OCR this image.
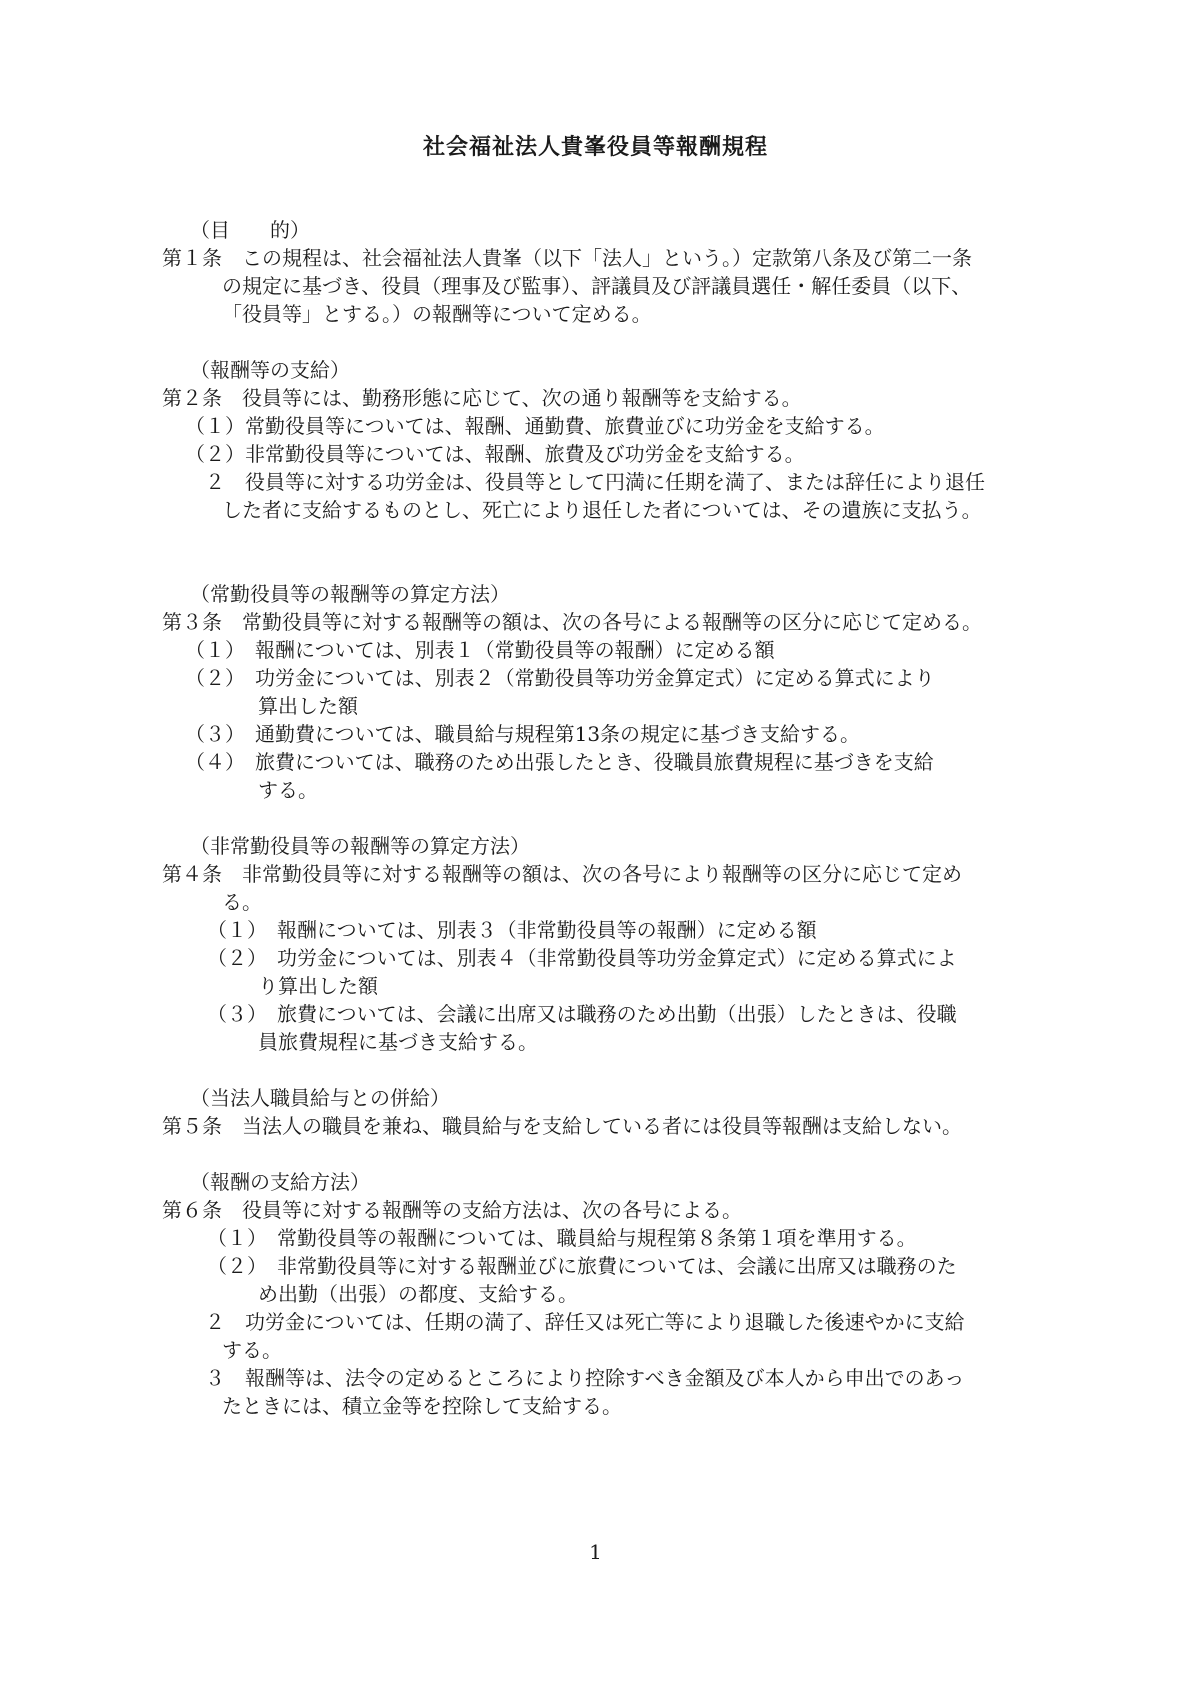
社会福祉法人貴峯役員等報酬規程
（目　　的）
第１条　この規程は、社会福祉法人貴峯（以下「法人」という。）定款第八条及び第二一条
の規定に基づき、役員（理事及び監事）、評議員及び評議員選任・解任委員（以下、
「役員等」とする。）の報酬等について定める。
（報酬等の支給）
第２条　役員等には、勤務形態に応じて、次の通り報酬等を支給する。
（１）常勤役員等については、報酬、通勤費、旅費並びに功労金を支給する。
（２）非常勤役員等については、報酬、旅費及び功労金を支給する。
２　役員等に対する功労金は、役員等として円満に任期を満了、または辞任により退任
した者に支給するものとし、死亡により退任した者については、その遺族に支払う。
（常勤役員等の報酬等の算定方法）
第３条　常勤役員等に対する報酬等の額は、次の各号による報酬等の区分に応じて定める。
（１）　報酬については、別表１（常勤役員等の報酬）に定める額
（２）　功労金については、別表２（常勤役員等功労金算定式）に定める算式により
算出した額
（３）　通勤費については、職員給与規程第13条の規定に基づき支給する。
（４）　旅費については、職務のため出張したとき、役職員旅費規程に基づきを支給
する。
（非常勤役員等の報酬等の算定方法）
第４条　非常勤役員等に対する報酬等の額は、次の各号により報酬等の区分に応じて定め
る。
（１）　報酬については、別表３（非常勤役員等の報酬）に定める額
（２）　功労金については、別表４（非常勤役員等功労金算定式）に定める算式によ
り算出した額
（３）　旅費については、会議に出席又は職務のため出勤（出張）したときは、役職
員旅費規程に基づき支給する。
（当法人職員給与との併給）
第５条　当法人の職員を兼ね、職員給与を支給している者には役員等報酬は支給しない。
（報酬の支給方法）
第６条　役員等に対する報酬等の支給方法は、次の各号による。
（１）　常勤役員等の報酬については、職員給与規程第８条第１項を準用する。
（２）　非常勤役員等に対する報酬並びに旅費については、会議に出席又は職務のた
め出勤（出張）の都度、支給する。
２　功労金については、任期の満了、辞任又は死亡等により退職した後速やかに支給
する。
３　報酬等は、法令の定めるところにより控除すべき金額及び本人から申出でのあっ
たときには、積立金等を控除して支給する。
1
